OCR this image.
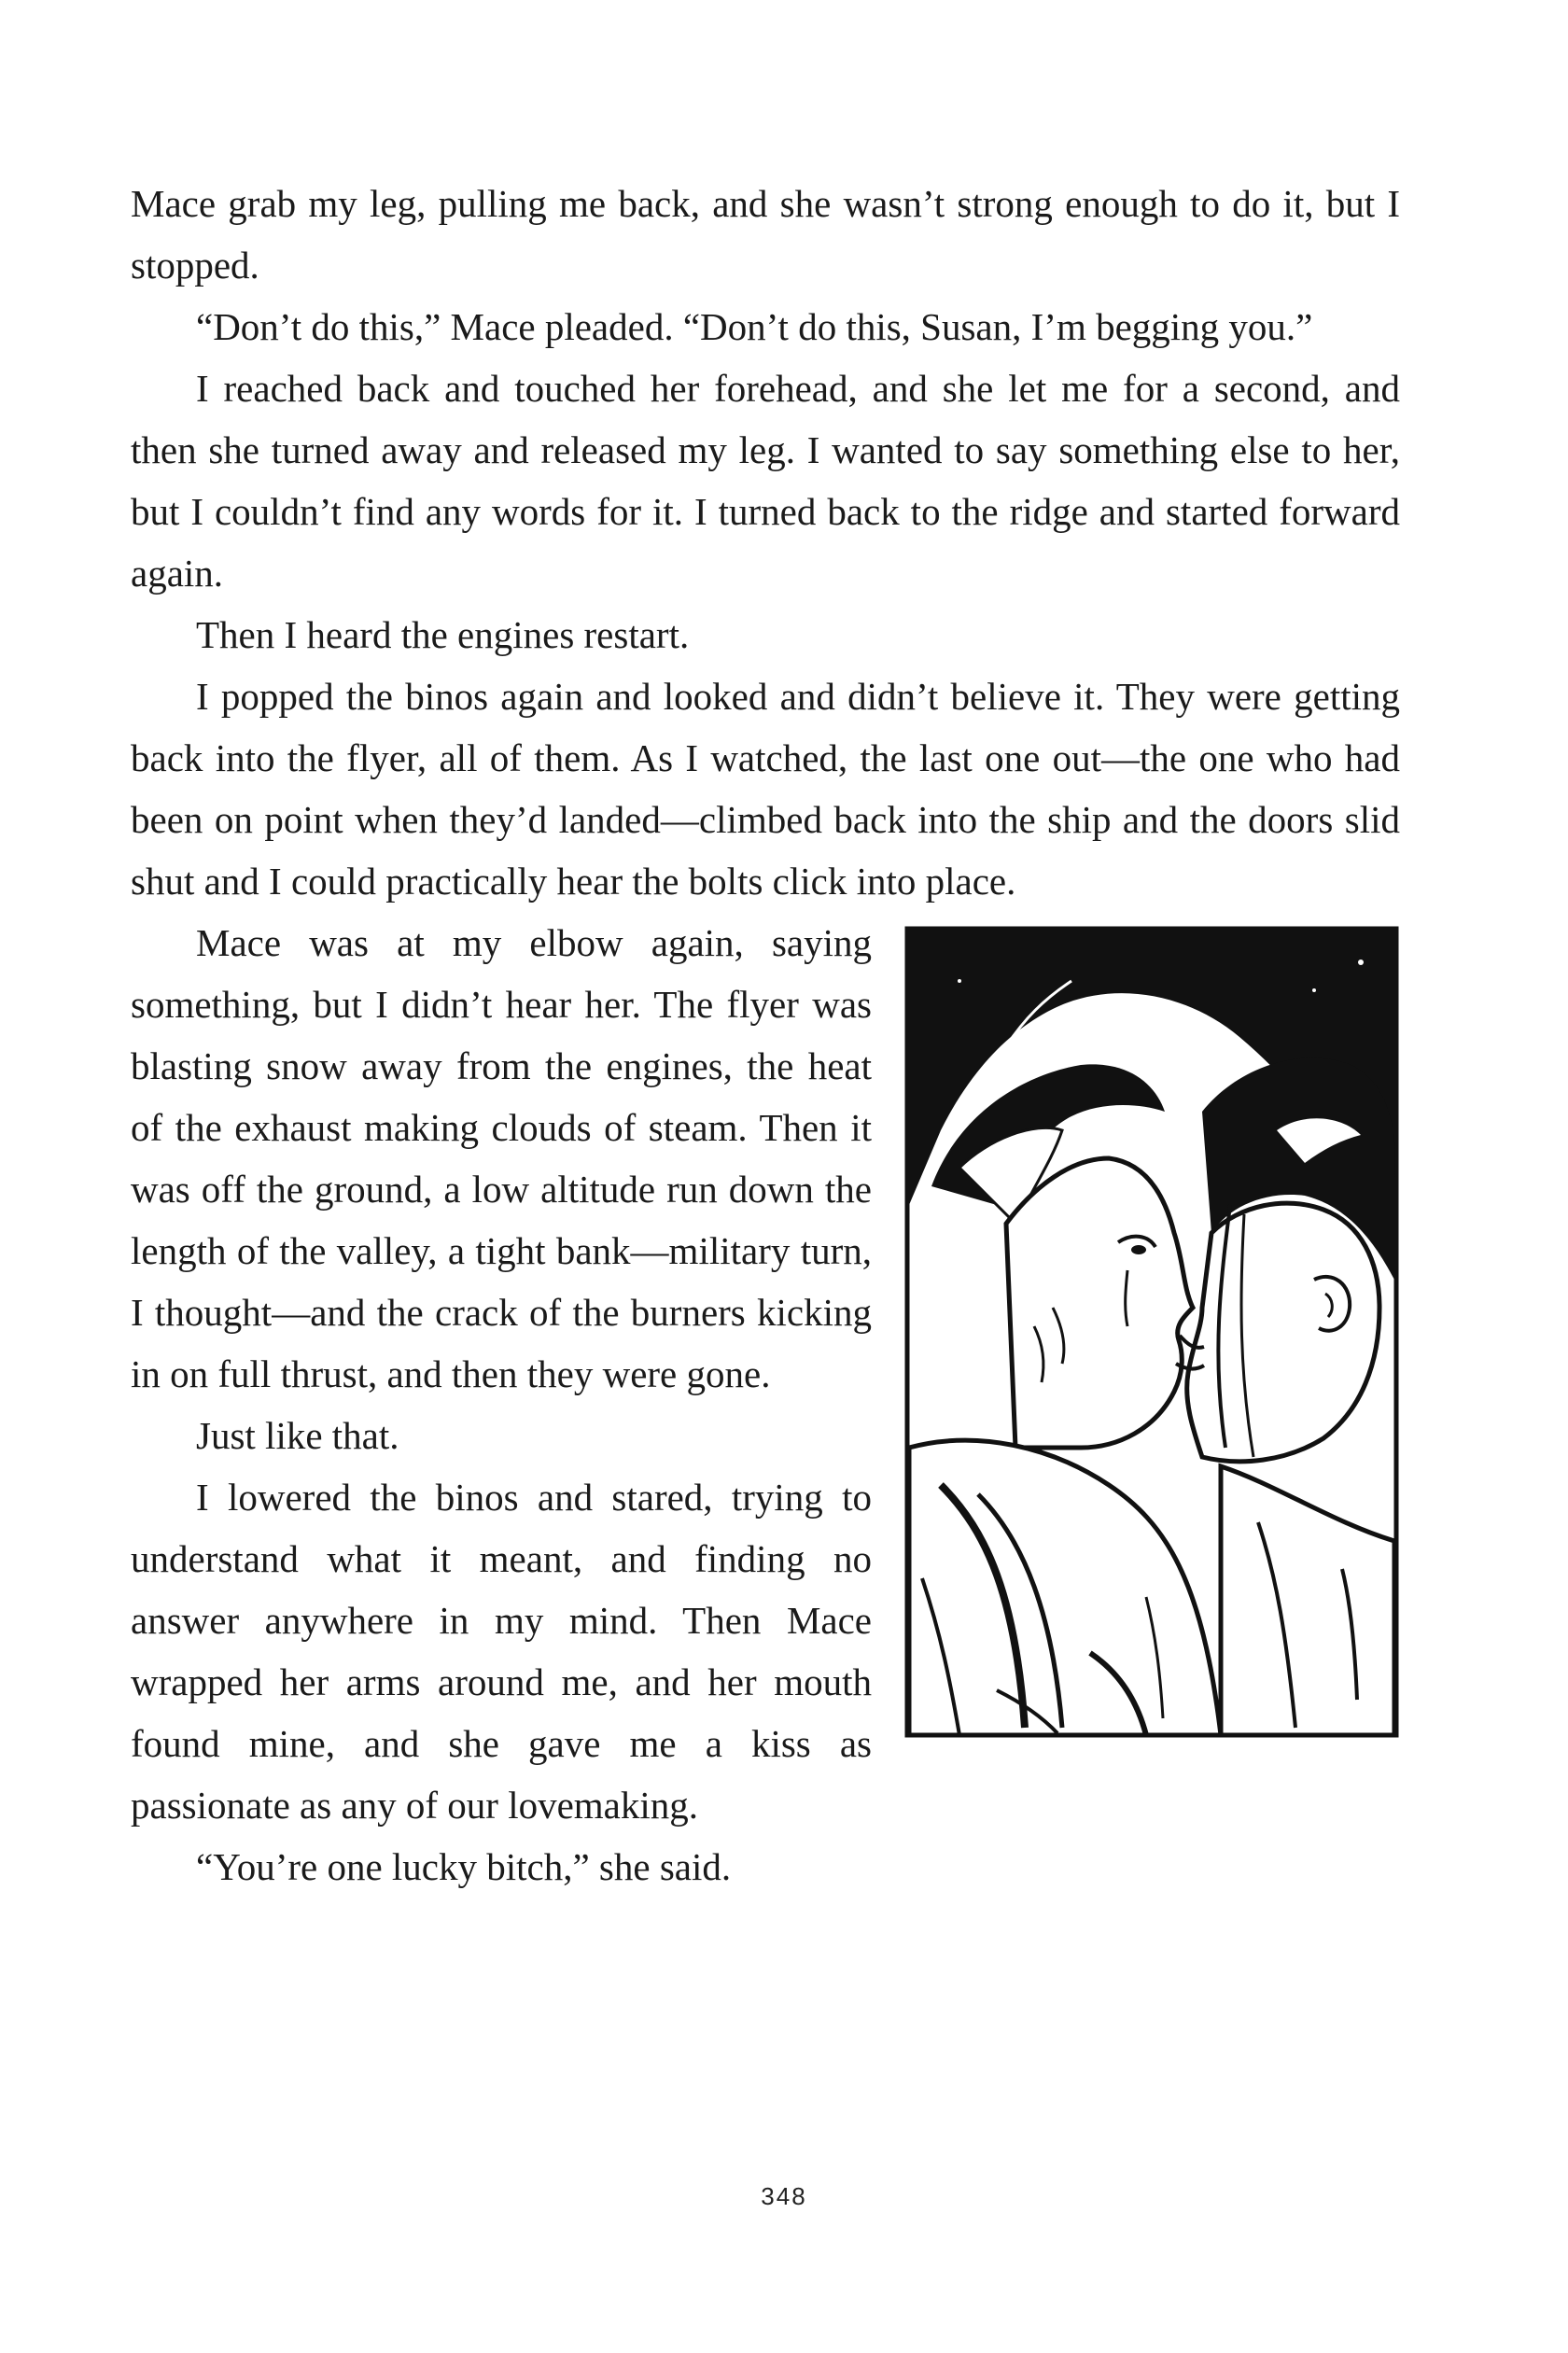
Mace grab my leg, pulling me back, and she wasn’t strong enough to do it, but I stopped.

“Don’t do this,” Mace pleaded. “Don’t do this, Susan, I’m begging you.”

I reached back and touched her forehead, and she let me for a second, and then she turned away and released my leg. I wanted to say something else to her, but I couldn’t find any words for it. I turned back to the ridge and started forward again.

Then I heard the engines restart.

I popped the binos again and looked and didn’t believe it. They were getting back into the flyer, all of them. As I watched, the last one out—the one who had been on point when they’d landed—climbed back into the ship and the doors slid shut and I could practically hear the bolts click into place.

Mace was at my elbow again, saying something, but I didn’t hear her. The flyer was blasting snow away from the engines, the heat of the exhaust making clouds of steam. Then it was off the ground, a low altitude run down the length of the valley, a tight bank—military turn, I thought—and the crack of the burners kicking in on full thrust, and then they were gone.

Just like that.

I lowered the binos and stared, trying to understand what it meant, and finding no answer anywhere in my mind. Then Mace wrapped her arms around me, and her mouth found mine, and she gave me a kiss as passionate as any of our lovemaking.

“You’re one lucky bitch,” she said.

348
